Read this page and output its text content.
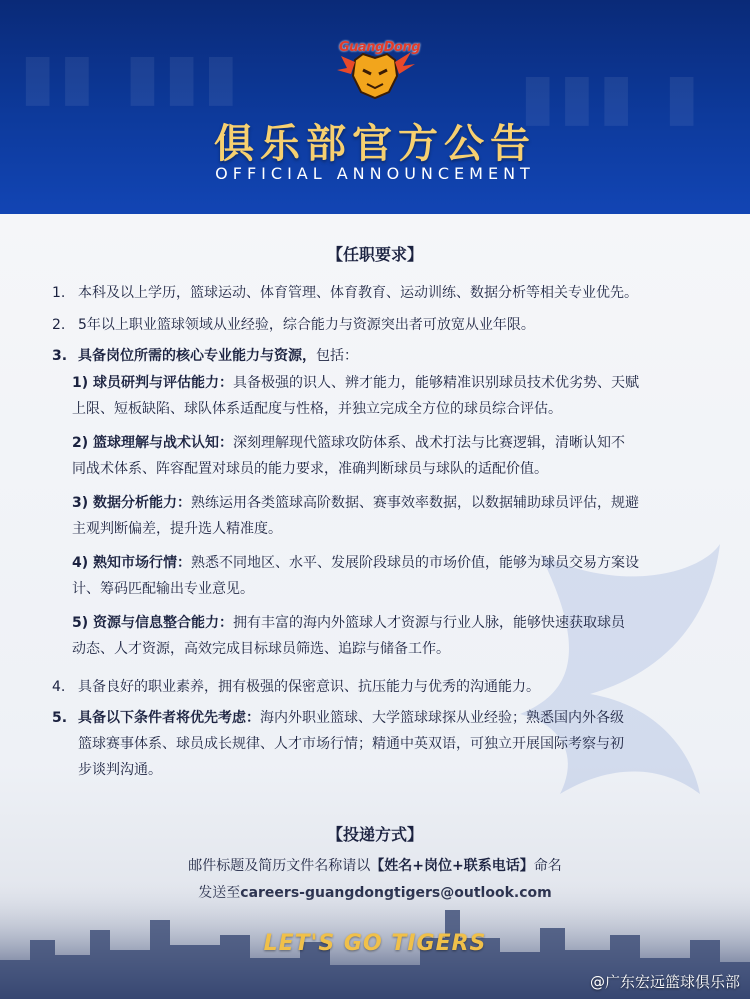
▮▮ ▮▮▮	▮▮▮ ▮
GuangDong
俱乐部官方公告
OFFICIAL ANNOUNCEMENT
【任职要求】
1. 本科及以上学历，篮球运动、体育管理、体育教育、运动训练、数据分析等相关专业优先。
2. 5年以上职业篮球领域从业经验，综合能力与资源突出者可放宽从业年限。
3. 具备岗位所需的核心专业能力与资源，包括：
1) 球员研判与评估能力：具备极强的识人、辨才能力，能够精准识别球员技术优劣势、天赋
上限、短板缺陷、球队体系适配度与性格，并独立完成全方位的球员综合评估。
2) 篮球理解与战术认知：深刻理解现代篮球攻防体系、战术打法与比赛逻辑，清晰认知不
同战术体系、阵容配置对球员的能力要求，准确判断球员与球队的适配价值。
3) 数据分析能力：熟练运用各类篮球高阶数据、赛事效率数据，以数据辅助球员评估，规避
主观判断偏差，提升选人精准度。
4) 熟知市场行情：熟悉不同地区、水平、发展阶段球员的市场价值，能够为球员交易方案设
计、筹码匹配输出专业意见。
5) 资源与信息整合能力：拥有丰富的海内外篮球人才资源与行业人脉，能够快速获取球员
动态、人才资源，高效完成目标球员筛选、追踪与储备工作。
4. 具备良好的职业素养，拥有极强的保密意识、抗压能力与优秀的沟通能力。
5. 具备以下条件者将优先考虑：海内外职业篮球、大学篮球球探从业经验；熟悉国内外各级
篮球赛事体系、球员成长规律、人才市场行情；精通中英双语，可独立开展国际考察与初
步谈判沟通。
【投递方式】
邮件标题及简历文件名称请以【姓名+岗位+联系电话】命名
LET'S GO TIGERS
@广东宏远篮球俱乐部
